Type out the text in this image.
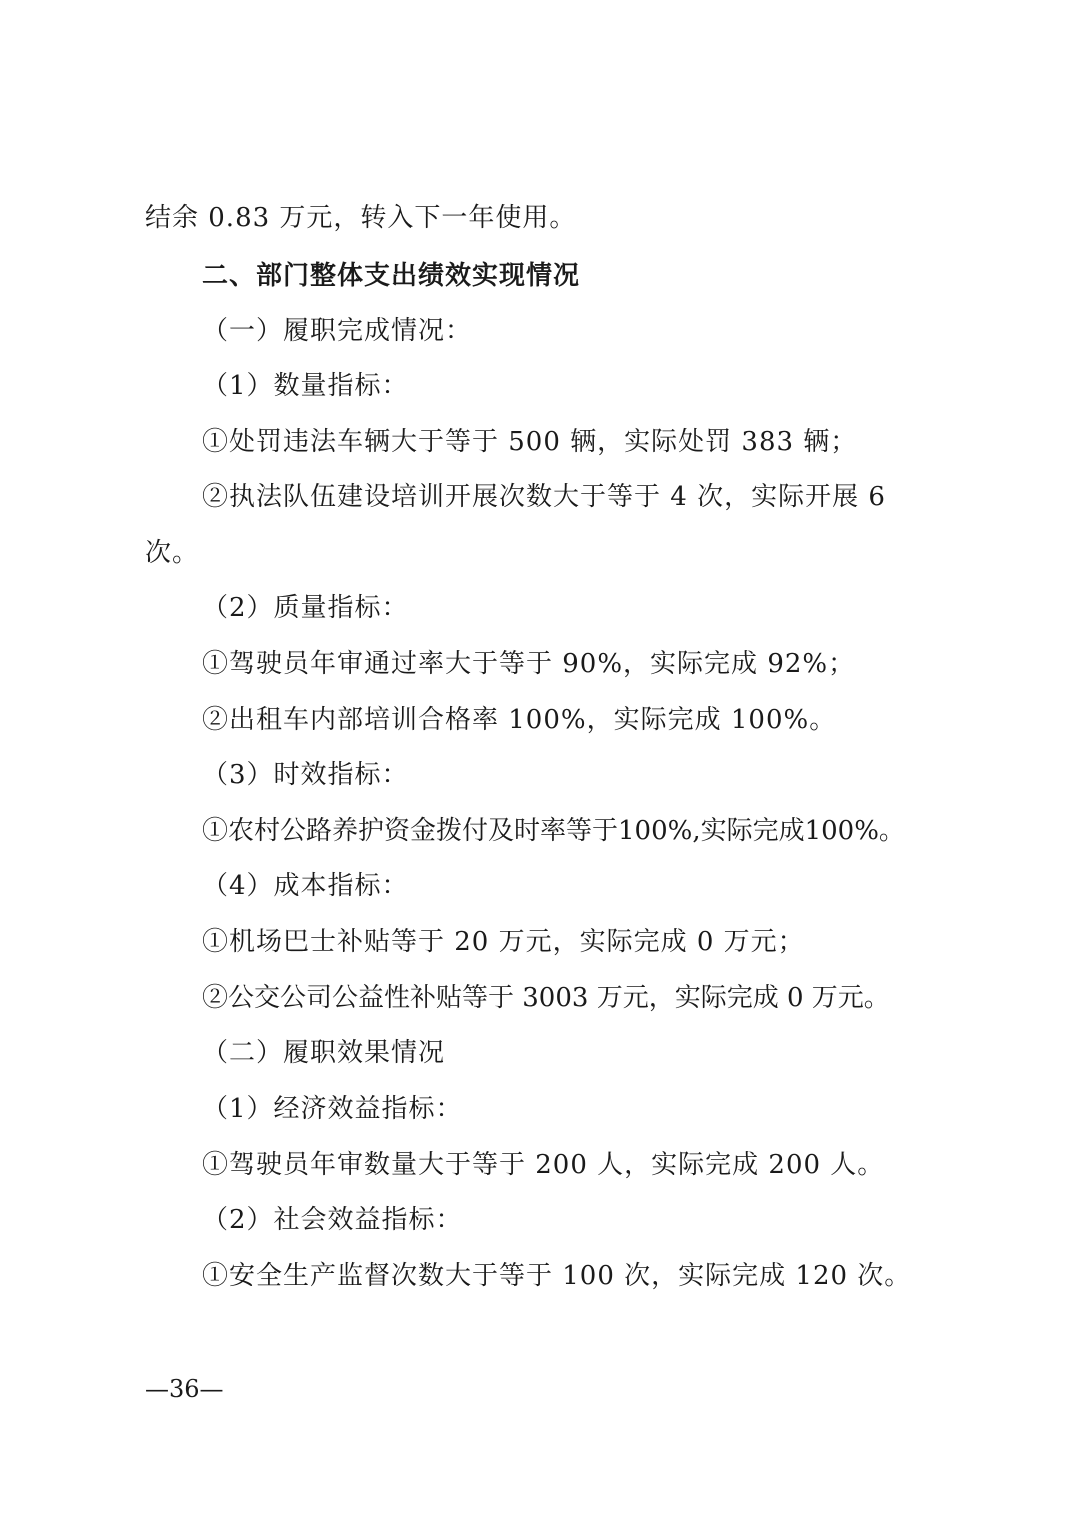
结余 0.83 万元，转入下一年使用。
二、部门整体支出绩效实现情况
（一）履职完成情况：
（1）数量指标：
①处罚违法车辆大于等于 500 辆，实际处罚 383 辆；
②执法队伍建设培训开展次数大于等于 4 次，实际开展 6
次。
（2）质量指标：
①驾驶员年审通过率大于等于 90%，实际完成 92%；
②出租车内部培训合格率 100%，实际完成 100%。
（3）时效指标：
①农村公路养护资金拨付及时率等于100%,实际完成100%。
（4）成本指标：
①机场巴士补贴等于 20 万元，实际完成 0 万元；
②公交公司公益性补贴等于 3003 万元，实际完成 0 万元。
（二）履职效果情况
（1）经济效益指标：
①驾驶员年审数量大于等于 200 人，实际完成 200 人。
（2）社会效益指标：
①安全生产监督次数大于等于 100 次，实际完成 120 次。
—36—
